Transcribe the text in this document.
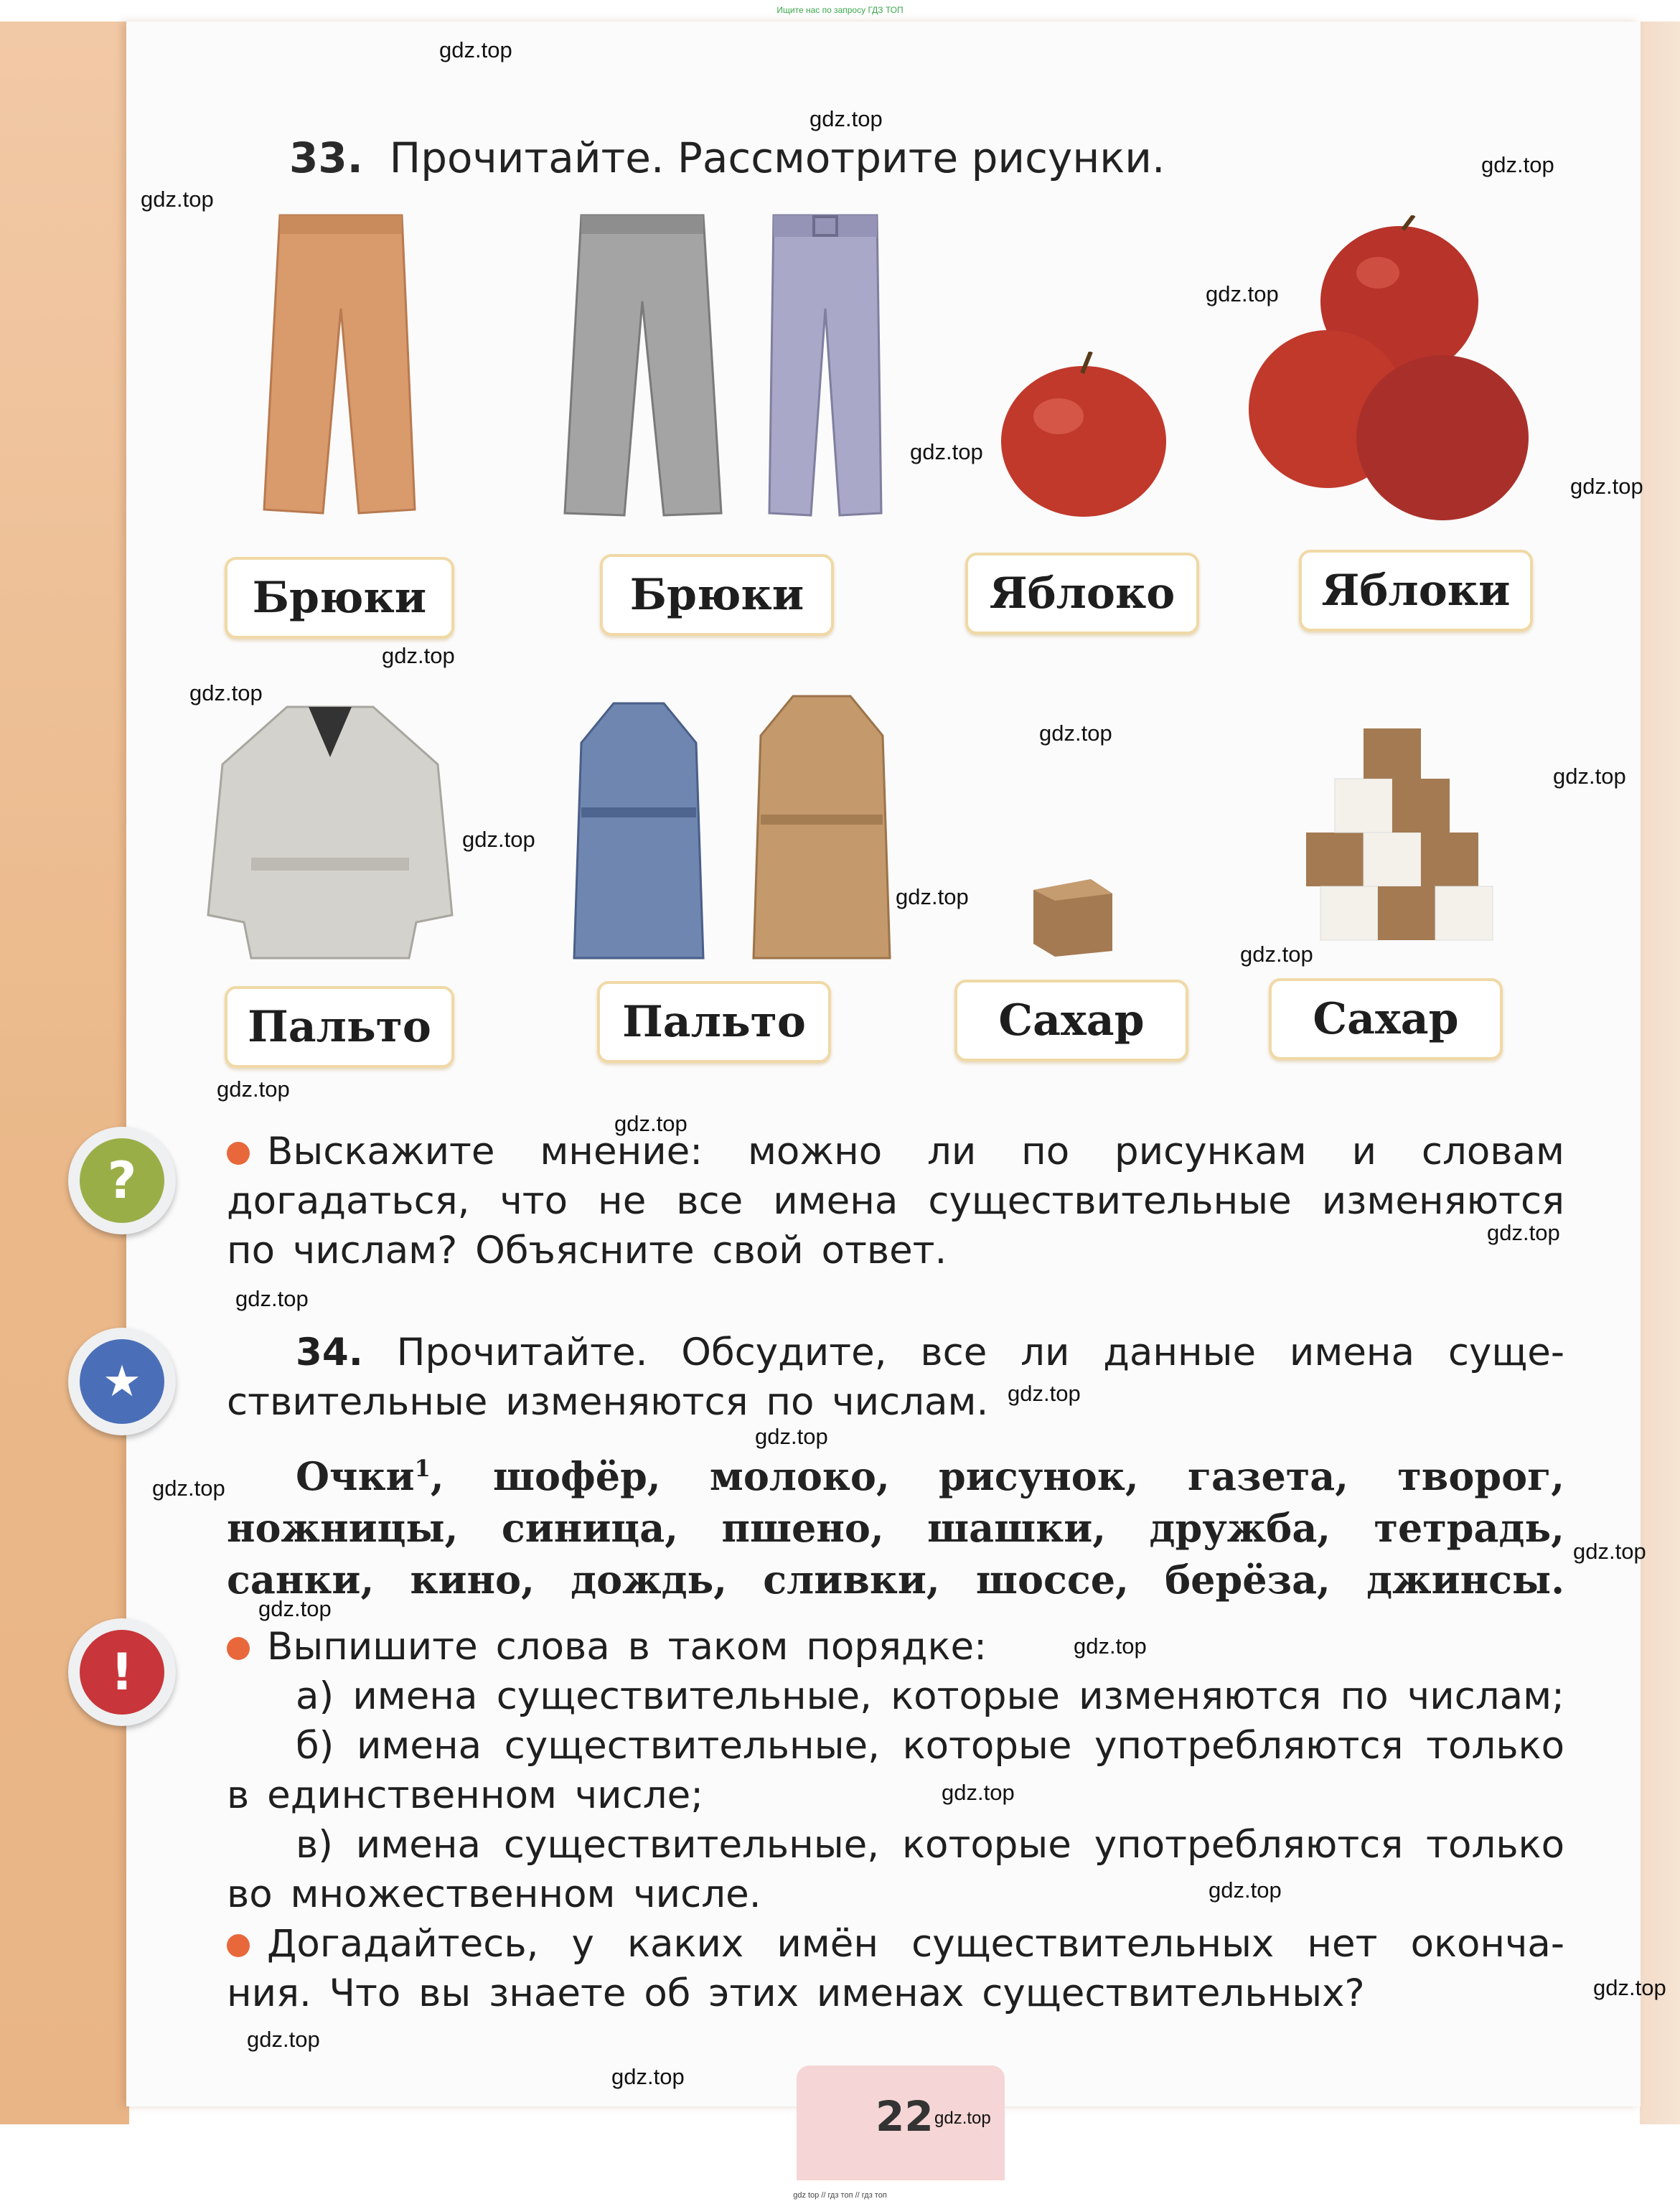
Ищите нас по запросу ГДЗ ТОП
33. Прочитайте. Рассмотрите рисунки.
Брюки	Брюки	Яблоко	Яблоки
Пальто	Пальто	Сахар	Сахар
?
★
!
Выскажите мнение: можно ли по рисункам и словам
догадаться, что не все имена существительные изменяются
по числам? Объясните свой ответ.
34. Прочитайте. Обсудите, все ли данные имена суще-
ствительные изменяются по числам.
Очки$^1$, шофёр, молоко, рисунок, газета, творог,
ножницы, синица, пшено, шашки, дружба, тетрадь,
санки, кино, дождь, сливки, шоссе, берёза, джинсы.
Выпишите слова в таком порядке:
а) имена существительные, которые изменяются по числам;
б) имена существительные, которые употребляются только
в единственном числе;
в) имена существительные, которые употребляются только
во множественном числе.
Догадайтесь, у каких имён существительных нет оконча-
ния. Что вы знаете об этих именах существительных?
22 gdz.top
gdz.top
gdz.top
gdz.top
gdz.top
gdz.top
gdz.top
gdz.top
gdz.top
gdz.top
gdz.top
gdz.top
gdz.top
gdz.top
gdz.top
gdz.top
gdz.top
gdz.top
gdz.top
gdz.top
gdz.top
gdz.top
gdz.top
gdz.top
gdz.top
gdz.top
gdz.top
gdz.top
gdz.top
gdz.top
gdz top // гдз топ // гдз топ
